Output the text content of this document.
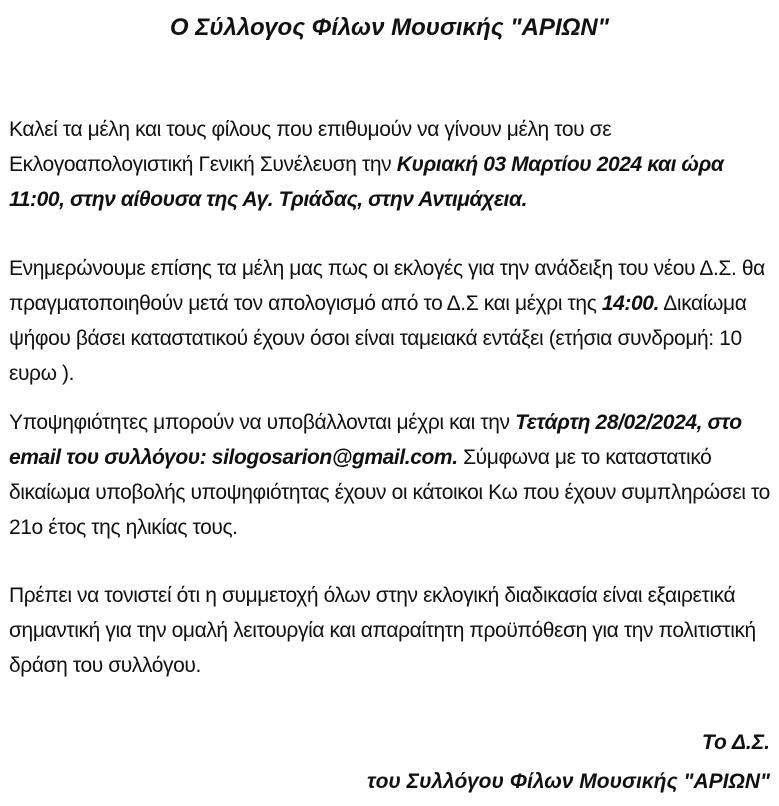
Ο Σύλλογος Φίλων Μουσικής "ΑΡΙΩΝ"
Καλεί τα μέλη και τους φίλους που επιθυμούν να γίνουν μέλη του σε Εκλογοαπολογιστική Γενική Συνέλευση την Κυριακή 03 Μαρτίου 2024 και ώρα 11:00, στην αίθουσα της Αγ. Τριάδας, στην Αντιμάχεια.
Ενημερώνουμε επίσης τα μέλη μας πως οι εκλογές για την ανάδειξη του νέου Δ.Σ. θα πραγματοποιηθούν μετά τον απολογισμό από το Δ.Σ και μέχρι της 14:00. Δικαίωμα ψήφου βάσει καταστατικού έχουν όσοι είναι ταμειακά εντάξει (ετήσια συνδρομή: 10 ευρω ).
Υποψηφιότητες μπορούν να υποβάλλονται μέχρι και την Τετάρτη 28/02/2024, στο email του συλλόγου: silogosarion@gmail.com. Σύμφωνα με το καταστατικό δικαίωμα υποβολής υποψηφιότητας έχουν οι κάτοικοι Κω που έχουν συμπληρώσει το 21ο έτος της ηλικίας τους.
Πρέπει να τονιστεί ότι η συμμετοχή όλων στην εκλογική διαδικασία είναι εξαιρετικά σημαντική για την ομαλή λειτουργία και απαραίτητη προϋπόθεση για την πολιτιστική δράση του συλλόγου.
Το Δ.Σ.
του Συλλόγου Φίλων Μουσικής "ΑΡΙΩΝ"
